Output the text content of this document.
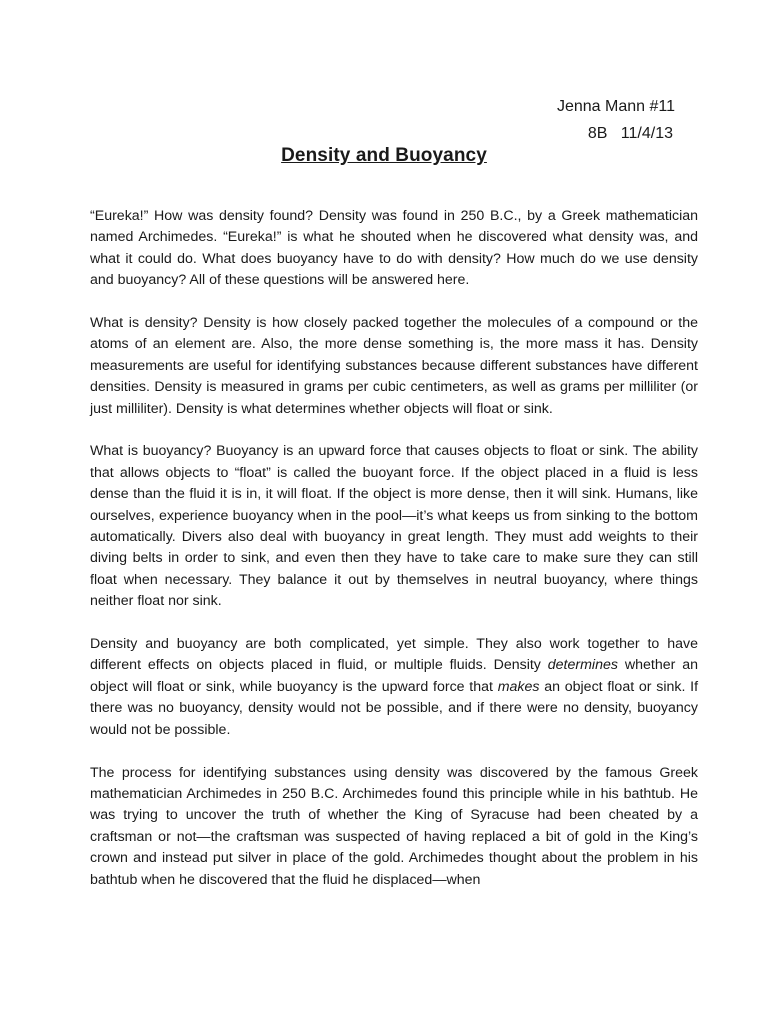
Jenna Mann #11
8B   11/4/13
Density and Buoyancy

“Eureka!” How was density found? Density was found in 250 B.C., by a Greek mathematician named Archimedes. “Eureka!” is what he shouted when he discovered what density was, and what it could do. What does buoyancy have to do with density? How much do we use density and buoyancy? All of these questions will be answered here.

What is density? Density is how closely packed together the molecules of a compound or the atoms of an element are. Also, the more dense something is, the more mass it has. Density measurements are useful for identifying substances because different substances have different densities. Density is measured in grams per cubic centimeters, as well as grams per milliliter (or just milliliter). Density is what determines whether objects will float or sink.

What is buoyancy? Buoyancy is an upward force that causes objects to float or sink. The ability that allows objects to “float” is called the buoyant force. If the object placed in a fluid is less dense than the fluid it is in, it will float. If the object is more dense, then it will sink. Humans, like ourselves, experience buoyancy when in the pool—it’s what keeps us from sinking to the bottom automatically. Divers also deal with buoyancy in great length. They must add weights to their diving belts in order to sink, and even then they have to take care to make sure they can still float when necessary. They balance it out by themselves in neutral buoyancy, where things neither float nor sink.

Density and buoyancy are both complicated, yet simple. They also work together to have different effects on objects placed in fluid, or multiple fluids. Density determines whether an object will float or sink, while buoyancy is the upward force that makes an object float or sink. If there was no buoyancy, density would not be possible, and if there were no density, buoyancy would not be possible.

The process for identifying substances using density was discovered by the famous Greek mathematician Archimedes in 250 B.C. Archimedes found this principle while in his bathtub. He was trying to uncover the truth of whether the King of Syracuse had been cheated by a craftsman or not—the craftsman was suspected of having replaced a bit of gold in the King’s crown and instead put silver in place of the gold. Archimedes thought about the problem in his bathtub when he discovered that the fluid he displaced—when
